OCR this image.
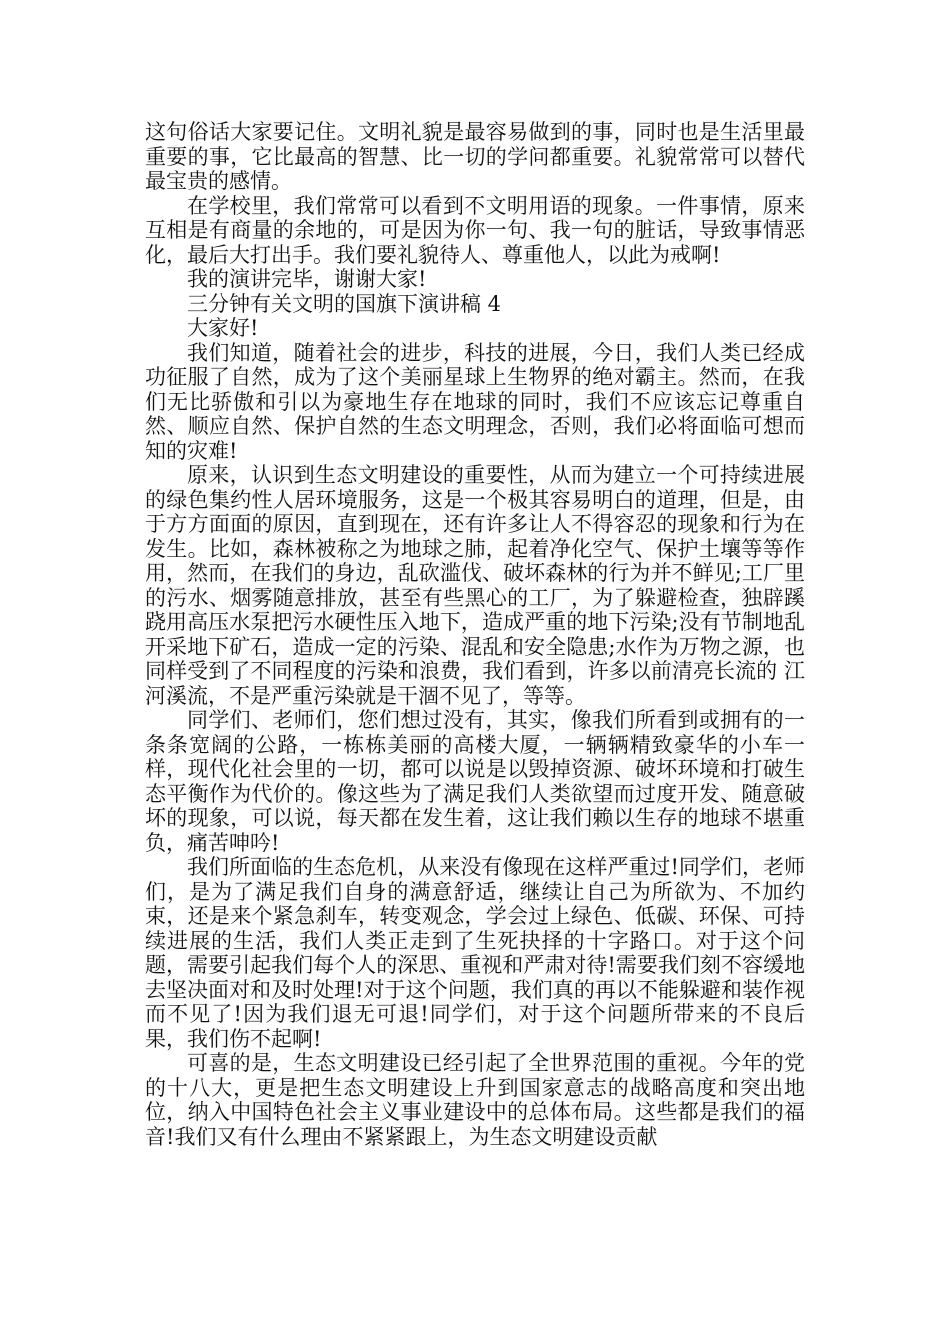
这句俗话大家要记住。文明礼貌是最容易做到的事，同时也是生活里最重要的事，它比最高的智慧、比一切的学问都重要。礼貌常常可以替代最宝贵的感情。

在学校里，我们常常可以看到不文明用语的现象。一件事情，原来互相是有商量的余地的，可是因为你一句、我一句的脏话，导致事情恶化，最后大打出手。我们要礼貌待人、尊重他人，以此为戒啊!

我的演讲完毕，谢谢大家!

三分钟有关文明的国旗下演讲稿 4

大家好!

我们知道，随着社会的进步，科技的进展，今日，我们人类已经成功征服了自然，成为了这个美丽星球上生物界的绝对霸主。然而，在我们无比骄傲和引以为豪地生存在地球的同时，我们不应该忘记尊重自然、顺应自然、保护自然的生态文明理念，否则，我们必将面临可想而知的灾难!

原来，认识到生态文明建设的重要性，从而为建立一个可持续进展的绿色集约性人居环境服务，这是一个极其容易明白的道理，但是，由于方方面面的原因，直到现在，还有许多让人不得容忍的现象和行为在发生。比如，森林被称之为地球之肺，起着净化空气、保护土壤等等作用，然而，在我们的身边，乱砍滥伐、破坏森林的行为并不鲜见;工厂里的污水、烟雾随意排放，甚至有些黑心的工厂，为了躲避检查，独辟蹊跷用高压水泵把污水硬性压入地下，造成严重的地下污染;没有节制地乱开采地下矿石，造成一定的污染、混乱和安全隐患;水作为万物之源，也同样受到了不同程度的污染和浪费，我们看到，许多以前清亮长流的 江河溪流，不是严重污染就是干涸不见了，等等。

同学们、老师们，您们想过没有，其实，像我们所看到或拥有的一条条宽阔的公路，一栋栋美丽的高楼大厦，一辆辆精致豪华的小车一样，现代化社会里的一切，都可以说是以毁掉资源、破坏环境和打破生态平衡作为代价的。像这些为了满足我们人类欲望而过度开发、随意破坏的现象，可以说，每天都在发生着，这让我们赖以生存的地球不堪重负，痛苦呻吟!

我们所面临的生态危机，从来没有像现在这样严重过!同学们，老师们，是为了满足我们自身的满意舒适，继续让自己为所欲为、不加约束，还是来个紧急刹车，转变观念，学会过上绿色、低碳、环保、可持续进展的生活，我们人类正走到了生死抉择的十字路口。对于这个问题，需要引起我们每个人的深思、重视和严肃对待!需要我们刻不容缓地去坚决面对和及时处理!对于这个问题，我们真的再以不能躲避和装作视而不见了!因为我们退无可退!同学们，对于这个问题所带来的不良后果，我们伤不起啊!

可喜的是，生态文明建设已经引起了全世界范围的重视。今年的党的十八大，更是把生态文明建设上升到国家意志的战略高度和突出地位，纳入中国特色社会主义事业建设中的总体布局。这些都是我们的福音!我们又有什么理由不紧紧跟上，为生态文明建设贡献
